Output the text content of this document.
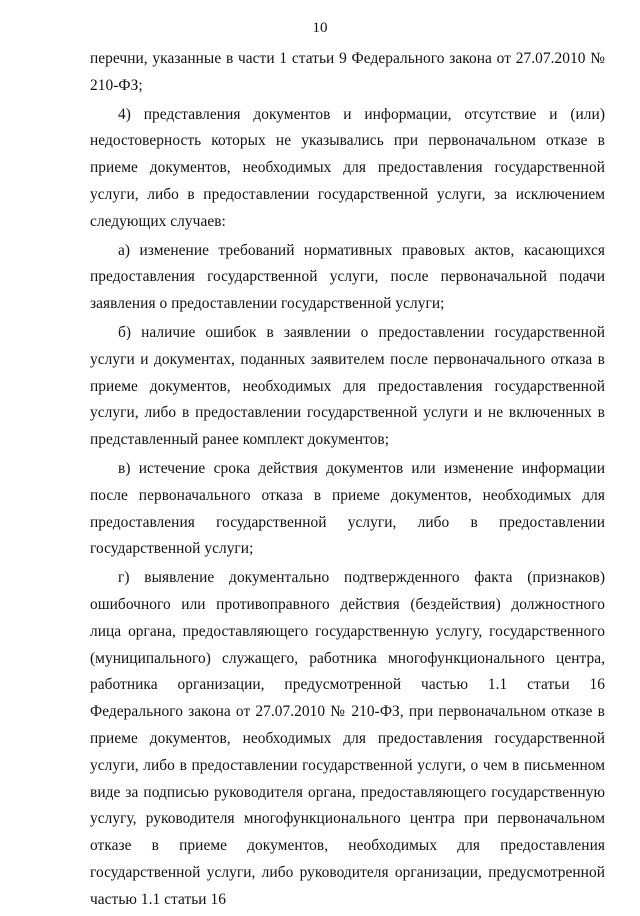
10

перечни, указанные в части 1 статьи 9 Федерального закона от 27.07.2010 № 210-ФЗ;

4) представления документов и информации, отсутствие и (или) недостоверность которых не указывались при первоначальном отказе в приеме документов, необходимых для предоставления государственной услуги, либо в предоставлении государственной услуги, за исключением следующих случаев:

а) изменение требований нормативных правовых актов, касающихся предоставления государственной услуги, после первоначальной подачи заявления о предоставлении государственной услуги;

б) наличие ошибок в заявлении о предоставлении государственной услуги и документах, поданных заявителем после первоначального отказа в приеме документов, необходимых для предоставления государственной услуги, либо в предоставлении государственной услуги и не включенных в представленный ранее комплект документов;

в) истечение срока действия документов или изменение информации после первоначального отказа в приеме документов, необходимых для предоставления государственной услуги, либо в предоставлении государственной услуги;

г) выявление документально подтвержденного факта (признаков) ошибочного или противоправного действия (бездействия) должностного лица органа, предоставляющего государственную услугу, государственного (муниципального) служащего, работника многофункционального центра, работника организации, предусмотренной частью 1.1 статьи 16 Федерального закона от 27.07.2010 № 210-ФЗ, при первоначальном отказе в приеме документов, необходимых для предоставления государственной услуги, либо в предоставлении государственной услуги, о чем в письменном виде за подписью руководителя органа, предоставляющего государственную услугу, руководителя многофункционального центра при первоначальном отказе в приеме документов, необходимых для предоставления государственной услуги, либо руководителя организации, предусмотренной частью 1.1 статьи 16
